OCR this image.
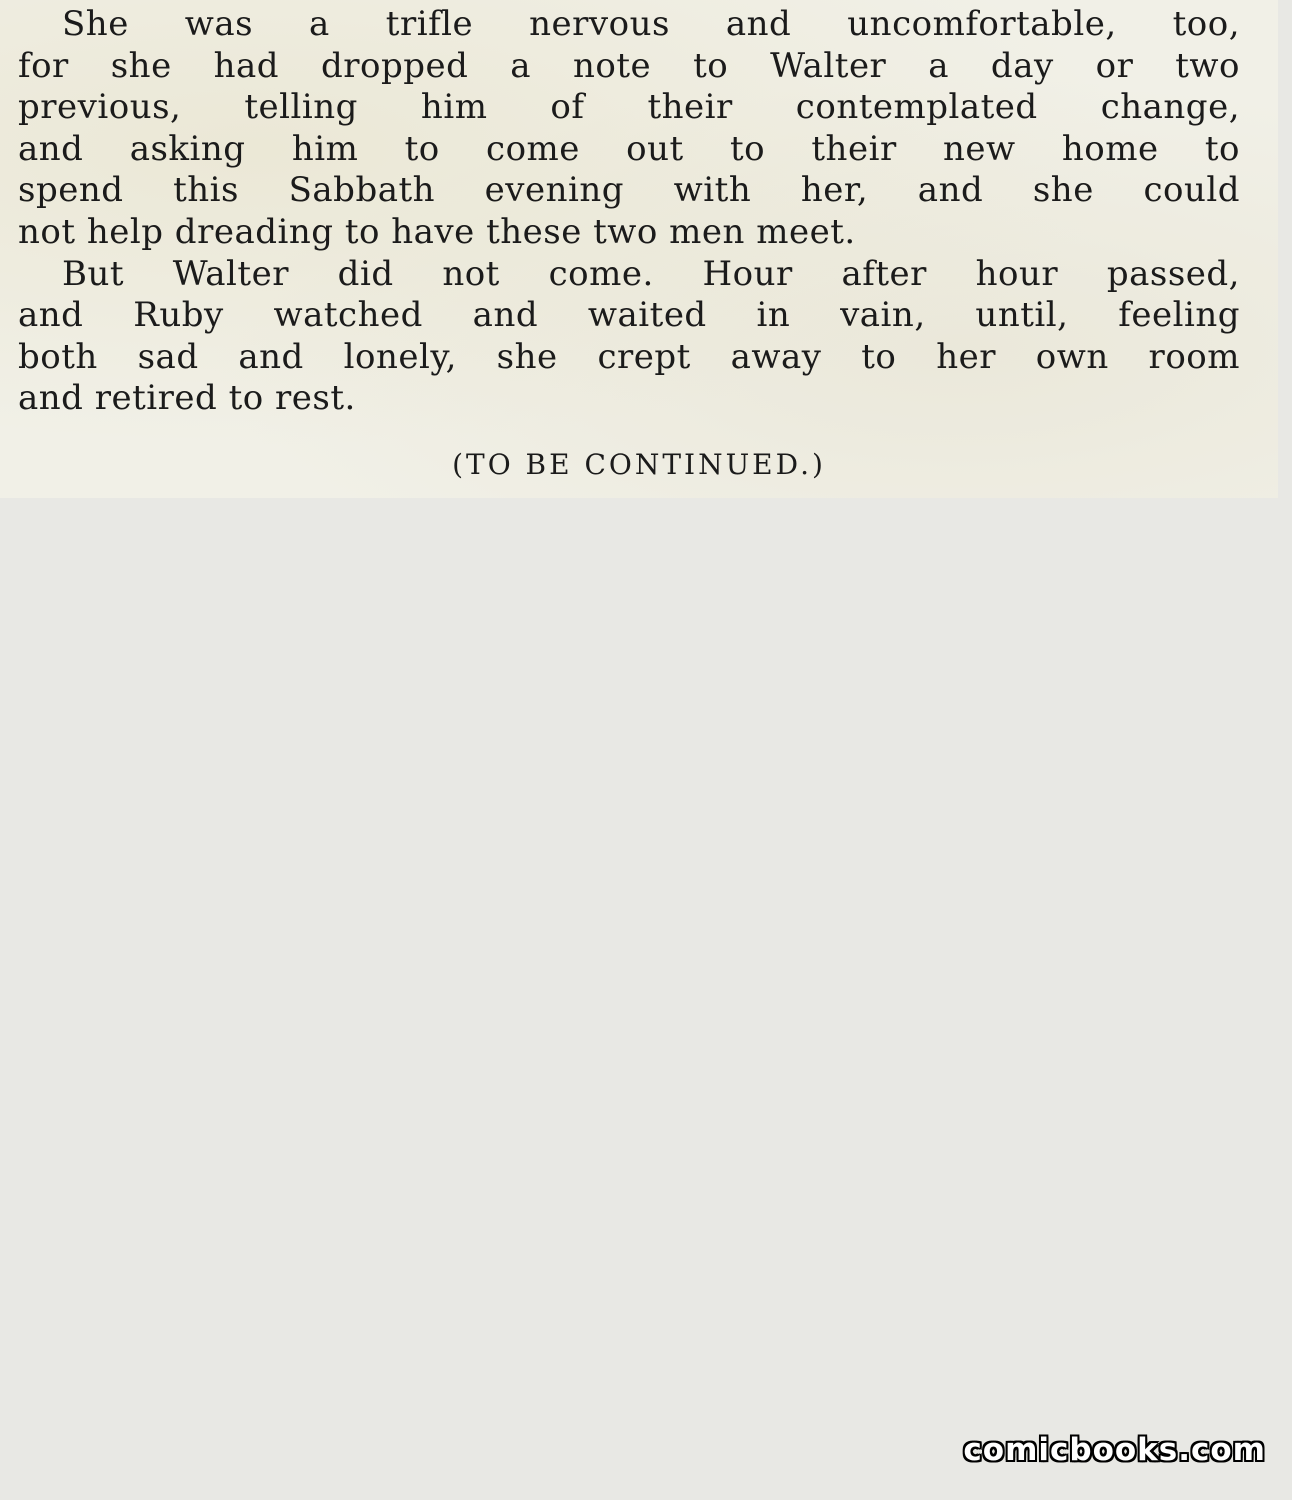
She was a trifle nervous and uncomfortable, too,
for she had dropped a note to Walter a day or two
previous, telling him of their contemplated change,
and asking him to come out to their new home to
spend this Sabbath evening with her, and she could
not help dreading to have these two men meet.
But Walter did not come. Hour after hour passed,
and Ruby watched and waited in vain, until, feeling
both sad and lonely, she crept away to her own room
and retired to rest.
(TO BE CONTINUED.)
comicbooks.com
